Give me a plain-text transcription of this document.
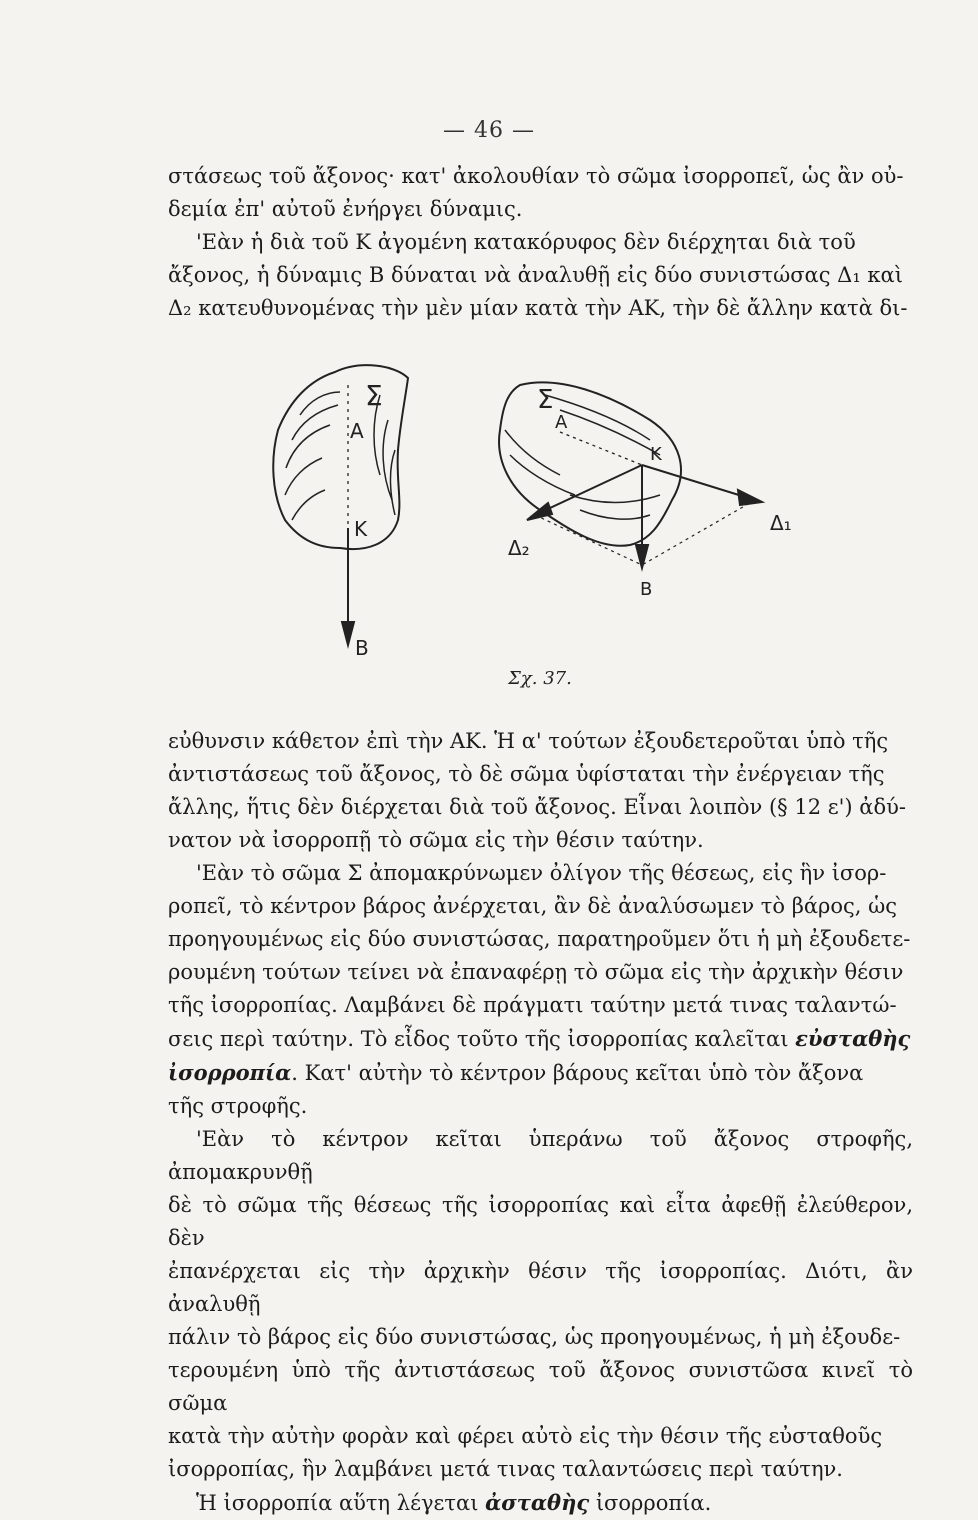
— 46 —
στάσεως τοῦ ἄξονος· κατ' ἀκολουθίαν τὸ σῶμα ἰσορροπεῖ, ὡς ἂν οὐ-
δεμία ἐπ' αὐτοῦ ἐνήργει δύναμις.
'Εὰν ἡ διὰ τοῦ Κ ἀγομένη κατακόρυφος δὲν διέρχηται διὰ τοῦ
ἄξονος, ἡ δύναμις Β δύναται νὰ ἀναλυθῇ εἰς δύο συνιστώσας Δ₁ καὶ
Δ₂ κατευθυνομένας τὴν μὲν μίαν κατὰ τὴν ΑΚ, τὴν δὲ ἄλλην κατὰ δι-
Σ
Α
Κ
Β
Σ
Α
Κ
Β
Δ₁
Δ₂
Σχ. 37.
εὐθυνσιν κάθετον ἐπὶ τὴν ΑΚ. Ἡ α' τούτων ἐξουδετεροῦται ὑπὸ τῆς
ἀντιστάσεως τοῦ ἄξονος, τὸ δὲ σῶμα ὑφίσταται τὴν ἐνέργειαν τῆς
ἄλλης, ἥτις δὲν διέρχεται διὰ τοῦ ἄξονος. Εἶναι λοιπὸν (§ 12 ε') ἀδύ-
νατον νὰ ἰσορροπῇ τὸ σῶμα εἰς τὴν θέσιν ταύτην.
'Εὰν τὸ σῶμα Σ ἀπομακρύνωμεν ὀλίγον τῆς θέσεως, εἰς ἣν ἰσορ-
ροπεῖ, τὸ κέντρον βάρος ἀνέρχεται, ἂν δὲ ἀναλύσωμεν τὸ βάρος, ὡς
προηγουμένως εἰς δύο συνιστώσας, παρατηροῦμεν ὅτι ἡ μὴ ἐξουδετε-
ρουμένη τούτων τείνει νὰ ἐπαναφέρῃ τὸ σῶμα εἰς τὴν ἀρχικὴν θέσιν
τῆς ἰσορροπίας. Λαμβάνει δὲ πράγματι ταύτην μετά τινας ταλαντώ-
σεις περὶ ταύτην. Τὸ εἶδος τοῦτο τῆς ἰσορροπίας καλεῖται εὐσταθὴς
ἰσορροπία. Κατ' αὐτὴν τὸ κέντρον βάρους κεῖται ὑπὸ τὸν ἄξονα
τῆς στροφῆς.
'Εὰν τὸ κέντρον κεῖται ὑπεράνω τοῦ ἄξονος στροφῆς, ἀπομακρυνθῇ
δὲ τὸ σῶμα τῆς θέσεως τῆς ἰσορροπίας καὶ εἶτα ἀφεθῇ ἐλεύθερον, δὲν
ἐπανέρχεται εἰς τὴν ἀρχικὴν θέσιν τῆς ἰσορροπίας. Διότι, ἂν ἀναλυθῇ
πάλιν τὸ βάρος εἰς δύο συνιστώσας, ὡς προηγουμένως, ἡ μὴ ἐξουδε-
τερουμένη ὑπὸ τῆς ἀντιστάσεως τοῦ ἄξονος συνιστῶσα κινεῖ τὸ σῶμα
κατὰ τὴν αὐτὴν φορὰν καὶ φέρει αὐτὸ εἰς τὴν θέσιν τῆς εὐσταθοῦς
ἰσορροπίας, ἣν λαμβάνει μετά τινας ταλαντώσεις περὶ ταύτην.
Ἡ ἰσορροπία αὕτη λέγεται ἀσταθὴς ἰσορροπία.
